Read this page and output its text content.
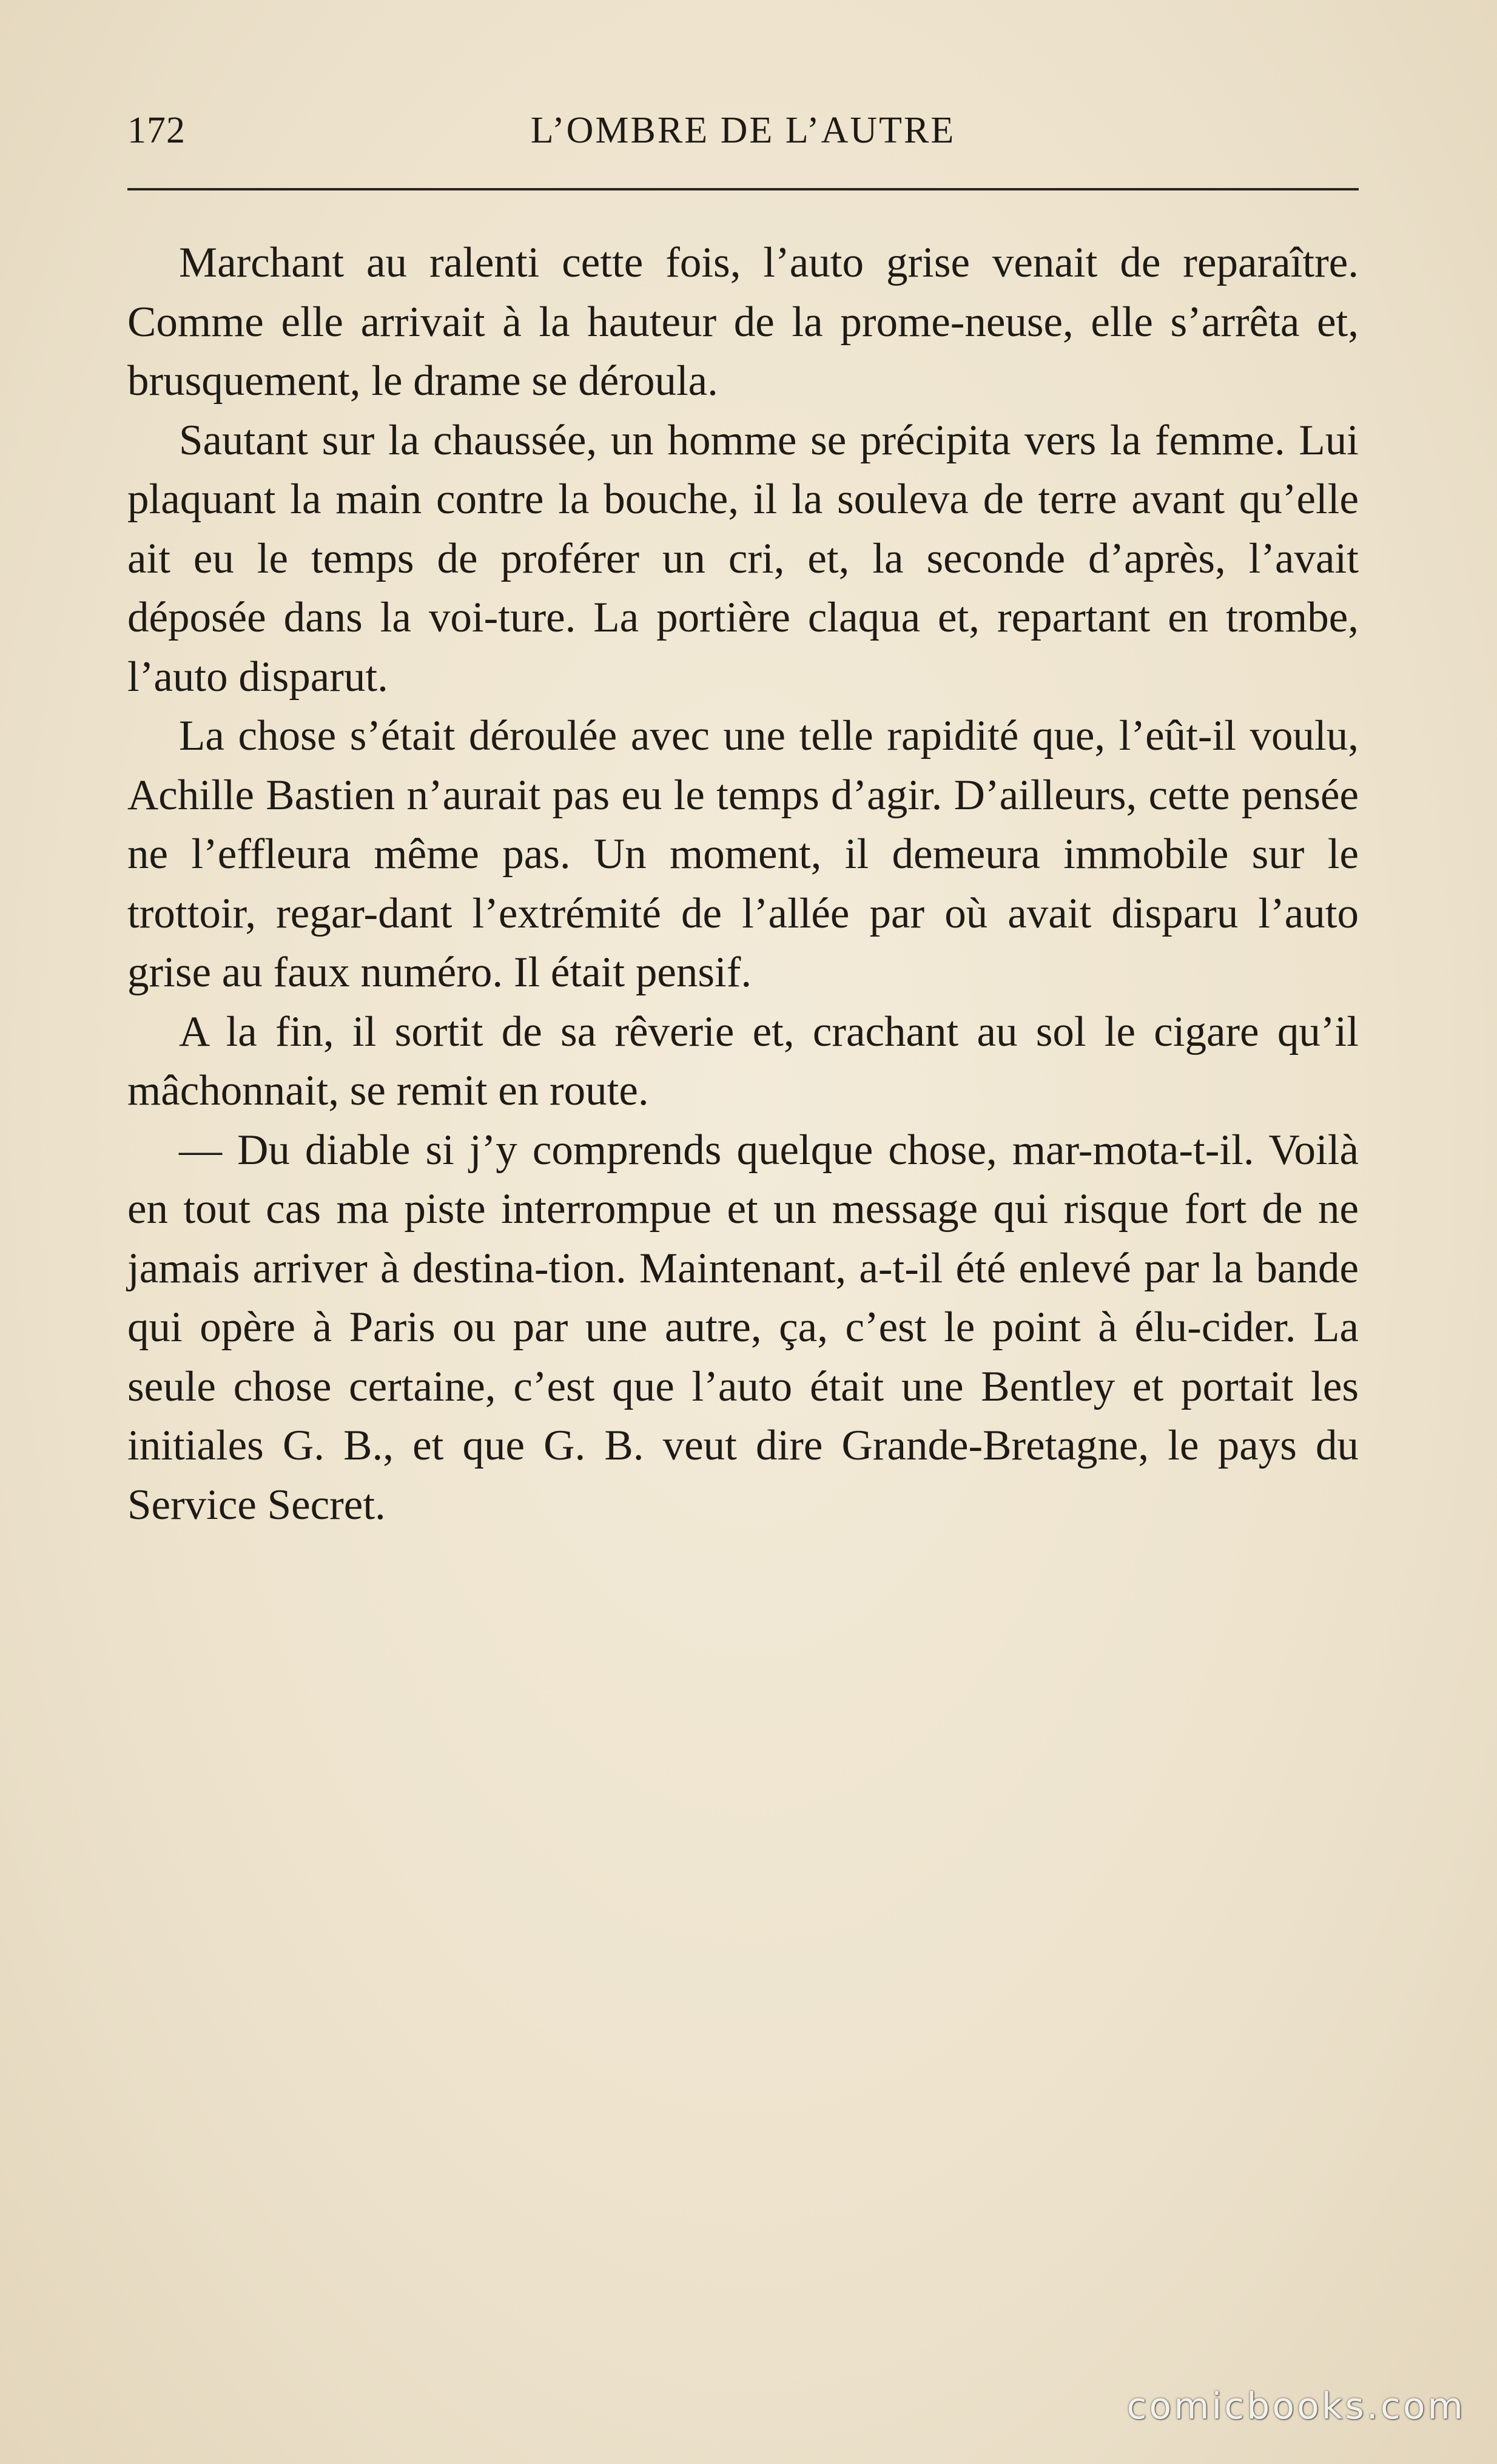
172	L’OMBRE DE L’AUTRE

Marchant au ralenti cette fois, l’auto grise venait de reparaître. Comme elle arrivait à la hauteur de la prome-neuse, elle s’arrêta et, brusquement, le drame se déroula.

Sautant sur la chaussée, un homme se précipita vers la femme. Lui plaquant la main contre la bouche, il la souleva de terre avant qu’elle ait eu le temps de proférer un cri, et, la seconde d’après, l’avait déposée dans la voi-ture. La portière claqua et, repartant en trombe, l’auto disparut.

La chose s’était déroulée avec une telle rapidité que, l’eût-il voulu, Achille Bastien n’aurait pas eu le temps d’agir. D’ailleurs, cette pensée ne l’effleura même pas. Un moment, il demeura immobile sur le trottoir, regar-dant l’extrémité de l’allée par où avait disparu l’auto grise au faux numéro. Il était pensif.

A la fin, il sortit de sa rêverie et, crachant au sol le cigare qu’il mâchonnait, se remit en route.

— Du diable si j’y comprends quelque chose, mar-mota-t-il. Voilà en tout cas ma piste interrompue et un message qui risque fort de ne jamais arriver à destina-tion. Maintenant, a-t-il été enlevé par la bande qui opère à Paris ou par une autre, ça, c’est le point à élu-cider. La seule chose certaine, c’est que l’auto était une Bentley et portait les initiales G. B., et que G. B. veut dire Grande-Bretagne, le pays du Service Secret.

comicbooks.com
